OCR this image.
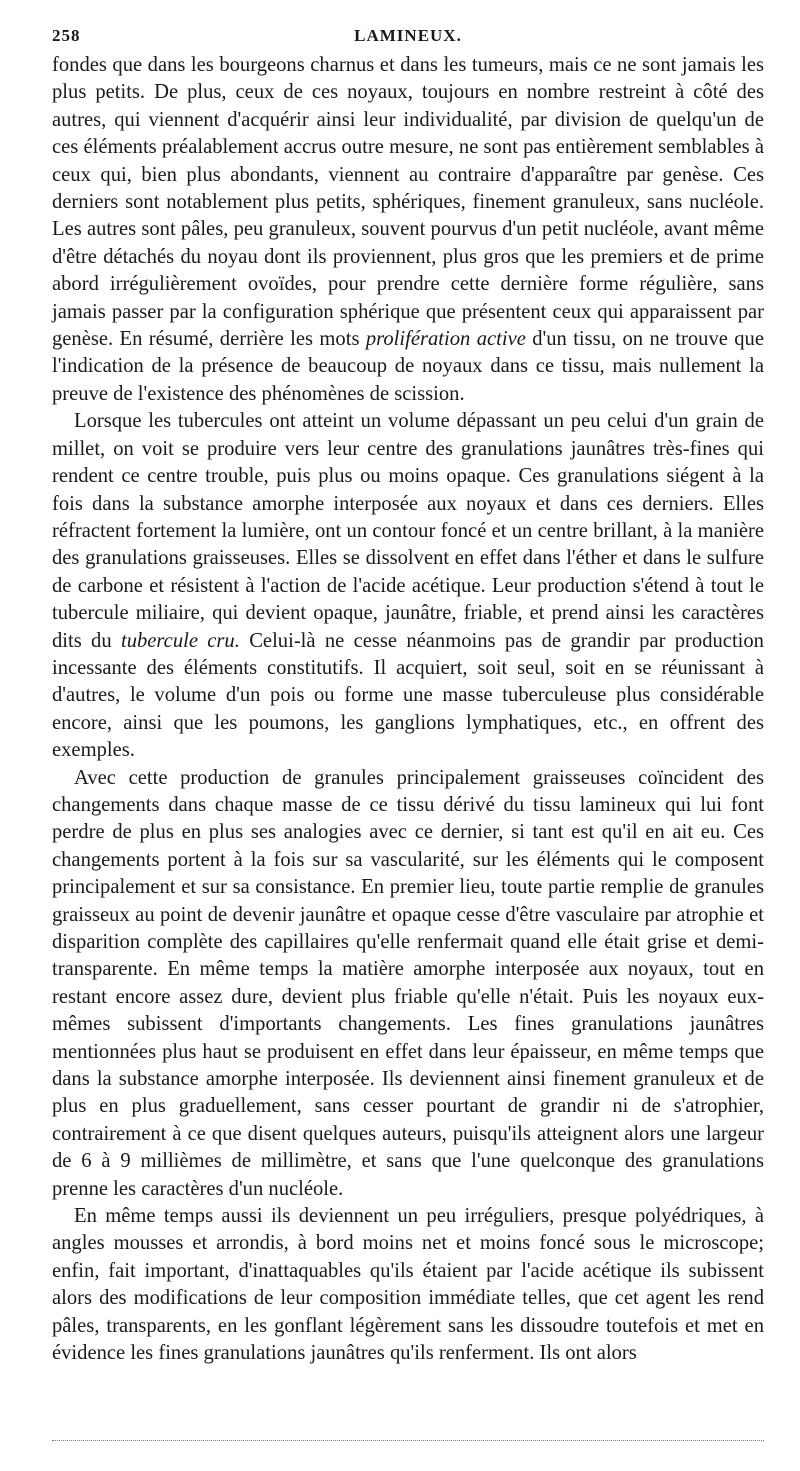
258	LAMINEUX.

fondes que dans les bourgeons charnus et dans les tumeurs, mais ce ne sont jamais les plus petits. De plus, ceux de ces noyaux, toujours en nombre restreint à côté des autres, qui viennent d'acquérir ainsi leur individualité, par division de quelqu'un de ces éléments préalablement accrus outre mesure, ne sont pas entièrement semblables à ceux qui, bien plus abondants, viennent au contraire d'apparaître par genèse. Ces derniers sont notablement plus petits, sphériques, finement granuleux, sans nucléole. Les autres sont pâles, peu granuleux, souvent pourvus d'un petit nucléole, avant même d'être détachés du noyau dont ils proviennent, plus gros que les premiers et de prime abord irrégulièrement ovoïdes, pour prendre cette dernière forme régulière, sans jamais passer par la configuration sphérique que présentent ceux qui apparaissent par genèse. En résumé, derrière les mots prolifération active d'un tissu, on ne trouve que l'indication de la présence de beaucoup de noyaux dans ce tissu, mais nullement la preuve de l'existence des phénomènes de scission.

Lorsque les tubercules ont atteint un volume dépassant un peu celui d'un grain de millet, on voit se produire vers leur centre des granulations jaunâtres très-fines qui rendent ce centre trouble, puis plus ou moins opaque. Ces granulations siégent à la fois dans la substance amorphe interposée aux noyaux et dans ces derniers. Elles réfractent fortement la lumière, ont un contour foncé et un centre brillant, à la manière des granulations graisseuses. Elles se dissolvent en effet dans l'éther et dans le sulfure de carbone et résistent à l'action de l'acide acétique. Leur production s'étend à tout le tubercule miliaire, qui devient opaque, jaunâtre, friable, et prend ainsi les caractères dits du tubercule cru. Celui-là ne cesse néanmoins pas de grandir par production incessante des éléments constitutifs. Il acquiert, soit seul, soit en se réunissant à d'autres, le volume d'un pois ou forme une masse tuberculeuse plus considérable encore, ainsi que les poumons, les ganglions lymphatiques, etc., en offrent des exemples.

Avec cette production de granules principalement graisseuses coïncident des changements dans chaque masse de ce tissu dérivé du tissu lamineux qui lui font perdre de plus en plus ses analogies avec ce dernier, si tant est qu'il en ait eu. Ces changements portent à la fois sur sa vascularité, sur les éléments qui le composent principalement et sur sa consistance. En premier lieu, toute partie remplie de granules graisseux au point de devenir jaunâtre et opaque cesse d'être vasculaire par atrophie et disparition complète des capillaires qu'elle renfermait quand elle était grise et demi-transparente. En même temps la matière amorphe interposée aux noyaux, tout en restant encore assez dure, devient plus friable qu'elle n'était. Puis les noyaux eux-mêmes subissent d'importants changements. Les fines granulations jaunâtres mentionnées plus haut se produisent en effet dans leur épaisseur, en même temps que dans la substance amorphe interposée. Ils deviennent ainsi finement granuleux et de plus en plus graduellement, sans cesser pourtant de grandir ni de s'atrophier, contrairement à ce que disent quelques auteurs, puisqu'ils atteignent alors une largeur de 6 à 9 millièmes de millimètre, et sans que l'une quelconque des granulations prenne les caractères d'un nucléole.

En même temps aussi ils deviennent un peu irréguliers, presque polyédriques, à angles mousses et arrondis, à bord moins net et moins foncé sous le microscope; enfin, fait important, d'inattaquables qu'ils étaient par l'acide acétique ils subissent alors des modifications de leur composition immédiate telles, que cet agent les rend pâles, transparents, en les gonflant légèrement sans les dissoudre toutefois et met en évidence les fines granulations jaunâtres qu'ils renferment. Ils ont alors
